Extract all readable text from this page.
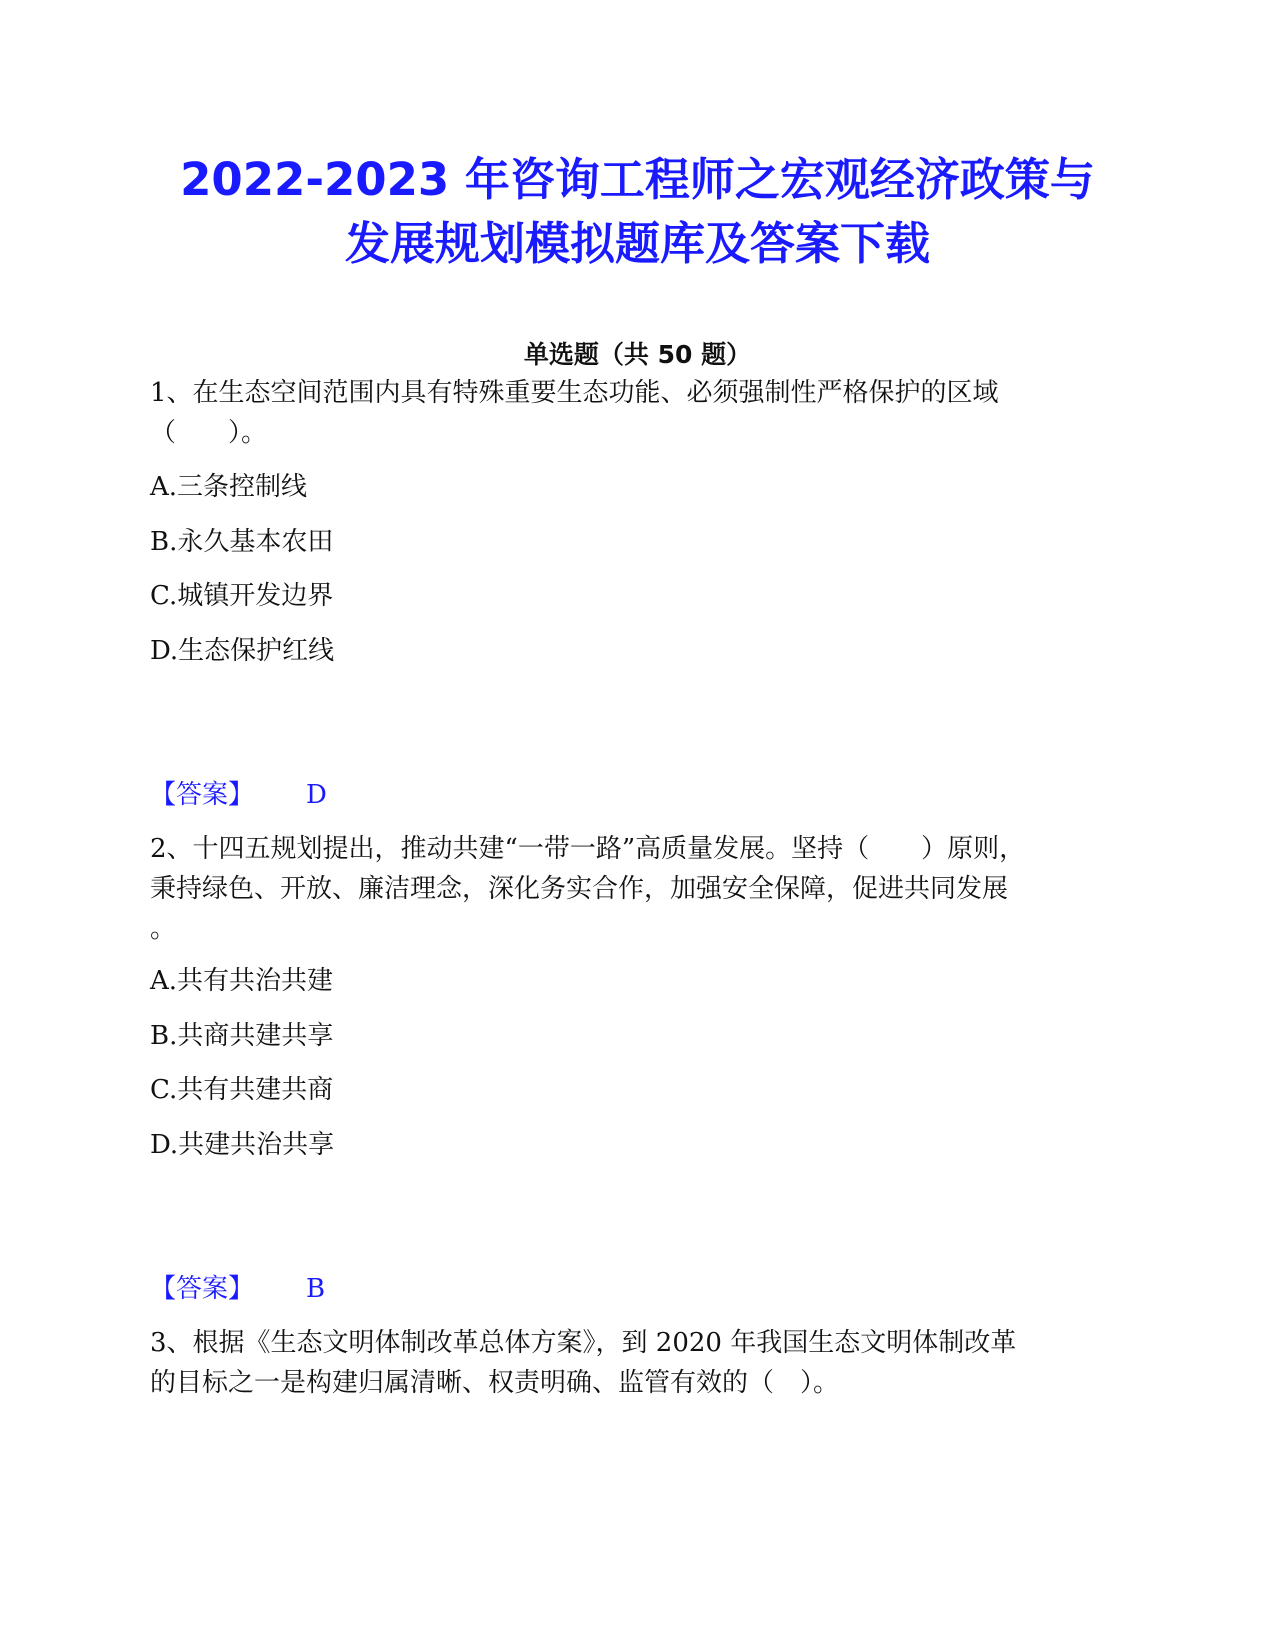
2022-2023 年咨询工程师之宏观经济政策与
发展规划模拟题库及答案下载
单选题（共 50 题）
1、在生态空间范围内具有特殊重要生态功能、必须强制性严格保护的区域
（　　）。
A.三条控制线
B.永久基本农田
C.城镇开发边界
D.生态保护红线
【答案】 D
2、十四五规划提出，推动共建“一带一路”高质量发展。坚持（　　）原则，
秉持绿色、开放、廉洁理念，深化务实合作，加强安全保障，促进共同发展
。
A.共有共治共建
B.共商共建共享
C.共有共建共商
D.共建共治共享
【答案】 B
3、根据《生态文明体制改革总体方案》，到 2020 年我国生态文明体制改革
的目标之一是构建归属清晰、权责明确、监管有效的（　）。
